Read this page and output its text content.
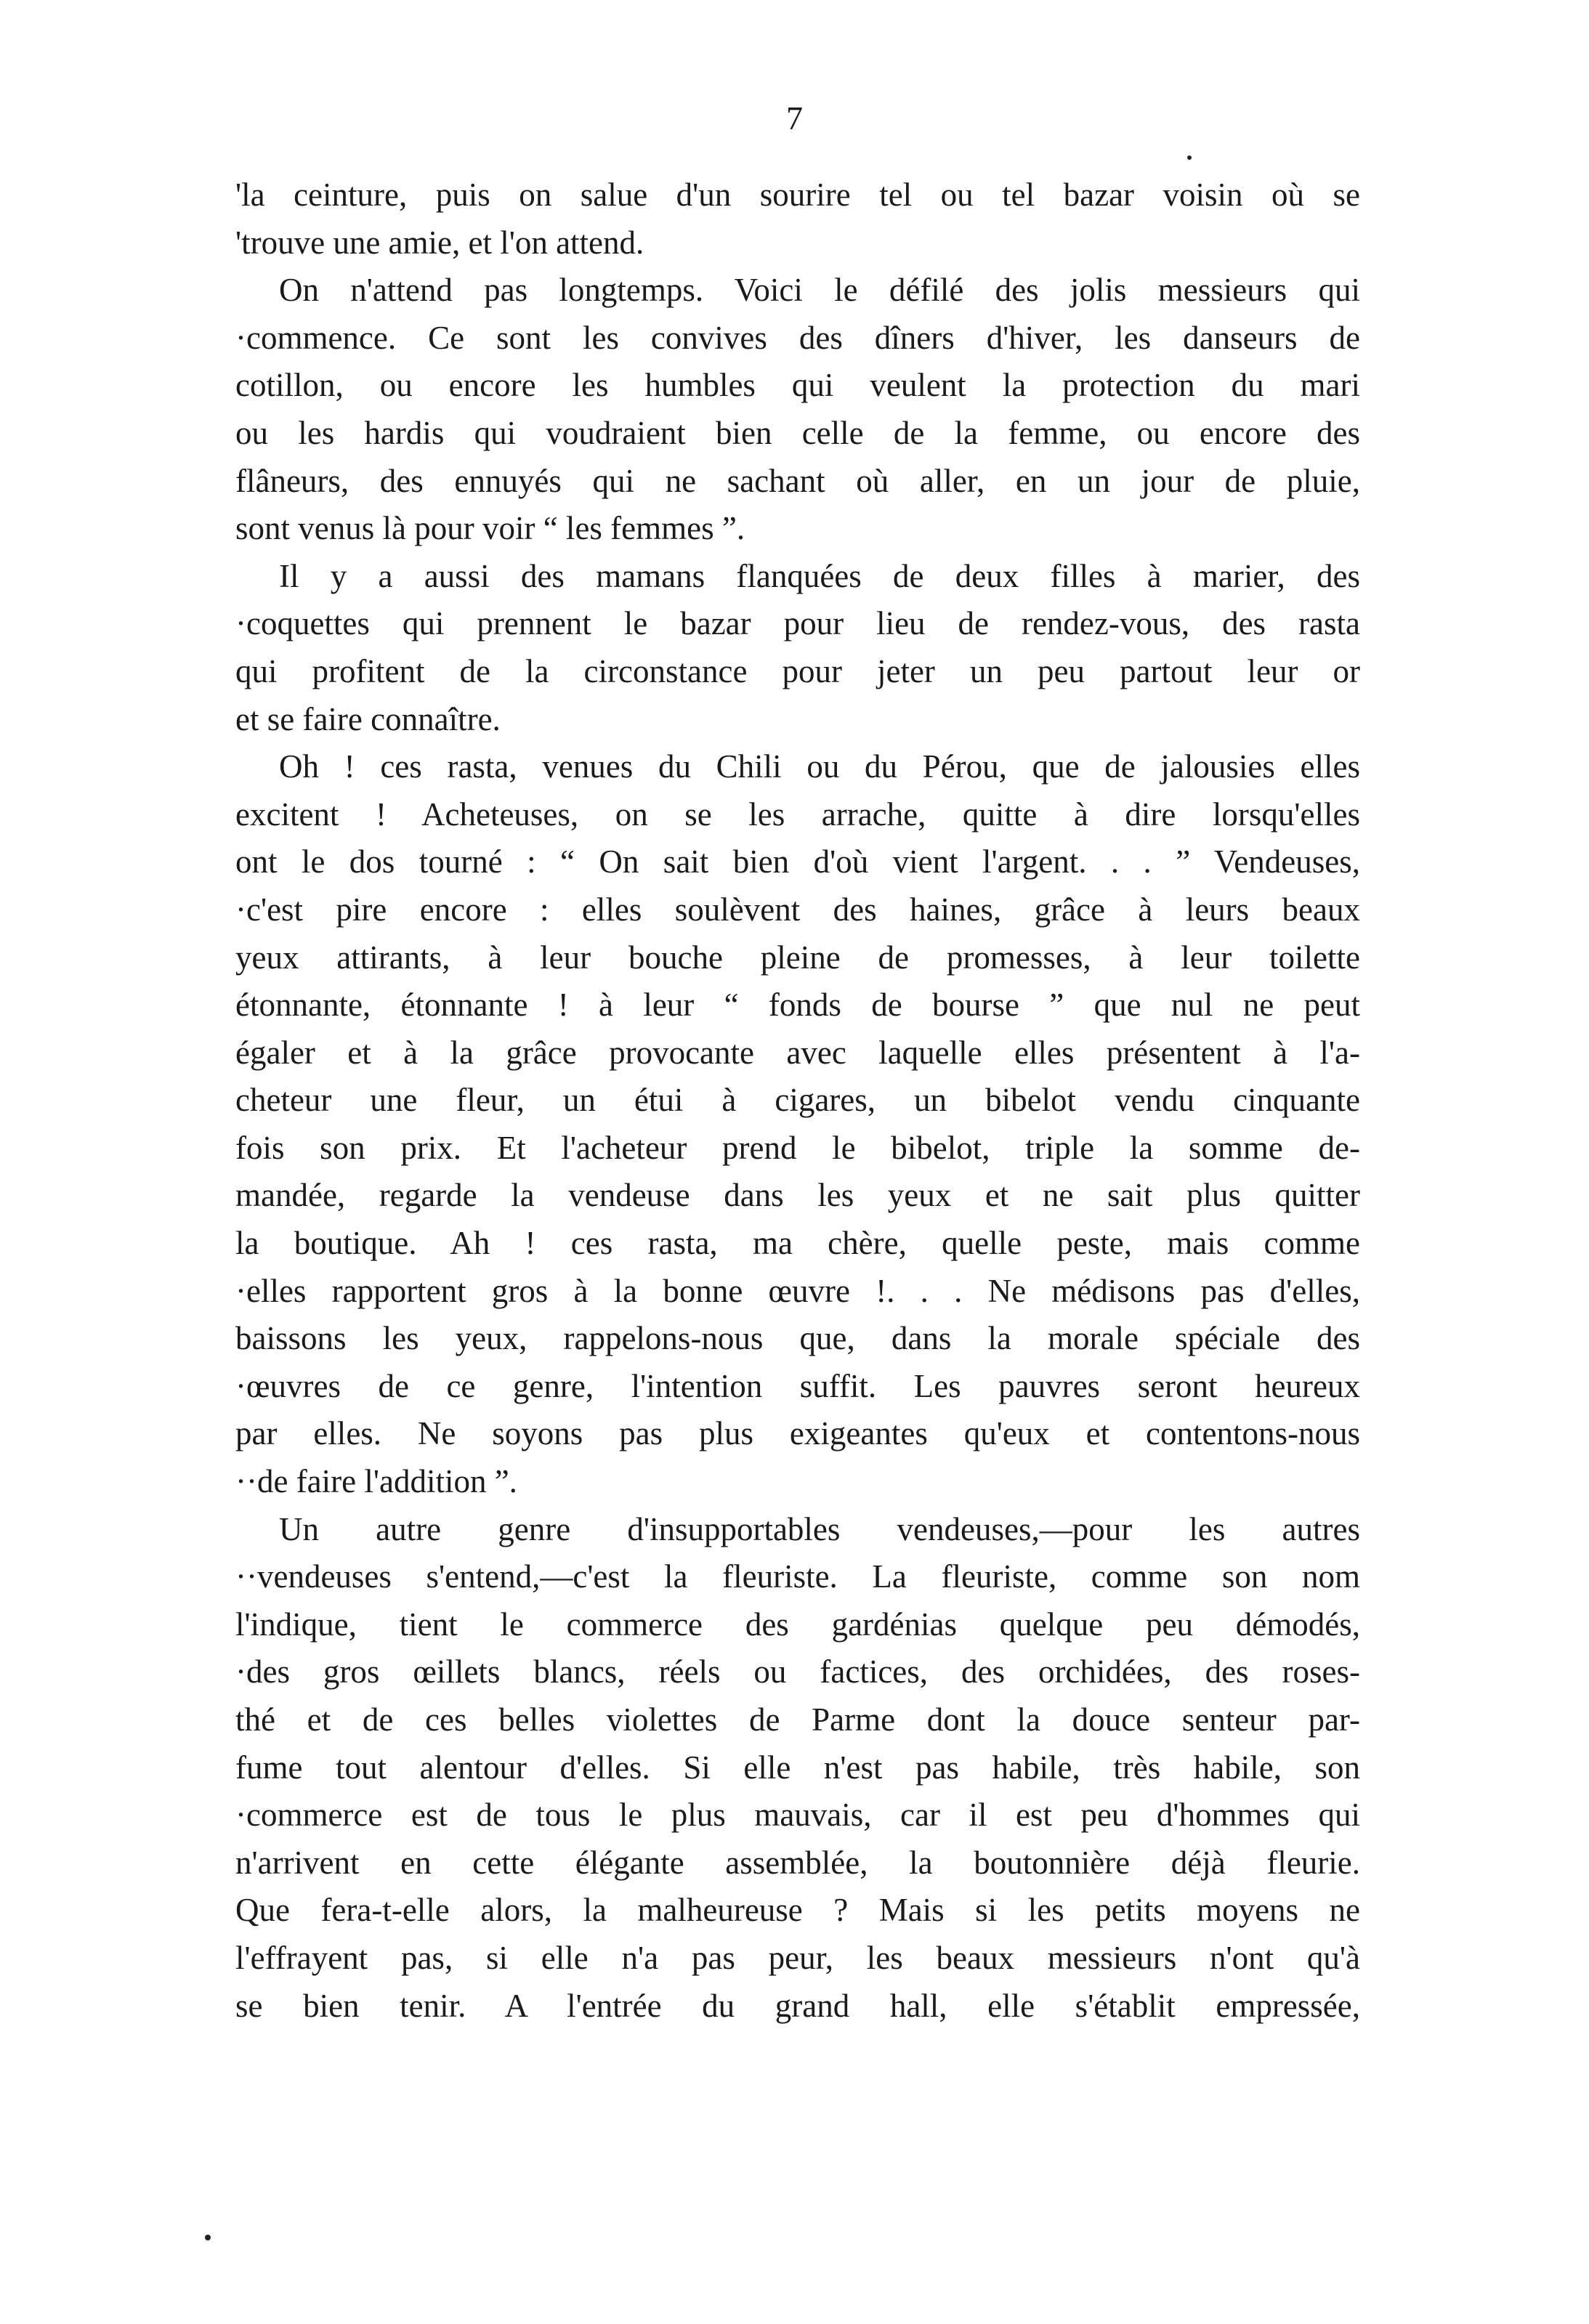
7
'la ceinture, puis on salue d'un sourire tel ou tel bazar voisin où se
'trouve une amie, et l'on attend.
On n'attend pas longtemps. Voici le défilé des jolis messieurs qui
·commence. Ce sont les convives des dîners d'hiver, les danseurs de
cotillon, ou encore les humbles qui veulent la protection du mari
ou les hardis qui voudraient bien celle de la femme, ou encore des
flâneurs, des ennuyés qui ne sachant où aller, en un jour de pluie,
sont venus là pour voir “ les femmes ”.
Il y a aussi des mamans flanquées de deux filles à marier, des
·coquettes qui prennent le bazar pour lieu de rendez-vous, des rasta
qui profitent de la circonstance pour jeter un peu partout leur or
et se faire connaître.
Oh ! ces rasta, venues du Chili ou du Pérou, que de jalousies elles
excitent ! Acheteuses, on se les arrache, quitte à dire lorsqu'elles
ont le dos tourné : “ On sait bien d'où vient l'argent. . . ” Vendeuses,
·c'est pire encore : elles soulèvent des haines, grâce à leurs beaux
yeux attirants, à leur bouche pleine de promesses, à leur toilette
étonnante, étonnante ! à leur “ fonds de bourse ” que nul ne peut
égaler et à la grâce provocante avec laquelle elles présentent à l'a-
cheteur une fleur, un étui à cigares, un bibelot vendu cinquante
fois son prix. Et l'acheteur prend le bibelot, triple la somme de-
mandée, regarde la vendeuse dans les yeux et ne sait plus quitter
la boutique. Ah ! ces rasta, ma chère, quelle peste, mais comme
·elles rapportent gros à la bonne œuvre !. . . Ne médisons pas d'elles,
baissons les yeux, rappelons-nous que, dans la morale spéciale des
·œuvres de ce genre, l'intention suffit. Les pauvres seront heureux
par elles. Ne soyons pas plus exigeantes qu'eux et contentons-nous
··de faire l'addition ”.
Un autre genre d'insupportables vendeuses,—pour les autres
··vendeuses s'entend,—c'est la fleuriste. La fleuriste, comme son nom
l'indique, tient le commerce des gardénias quelque peu démodés,
·des gros œillets blancs, réels ou factices, des orchidées, des roses-
thé et de ces belles violettes de Parme dont la douce senteur par-
fume tout alentour d'elles. Si elle n'est pas habile, très habile, son
·commerce est de tous le plus mauvais, car il est peu d'hommes qui
n'arrivent en cette élégante assemblée, la boutonnière déjà fleurie.
Que fera-t-elle alors, la malheureuse ? Mais si les petits moyens ne
l'effrayent pas, si elle n'a pas peur, les beaux messieurs n'ont qu'à
se bien tenir. A l'entrée du grand hall, elle s'établit empressée,
